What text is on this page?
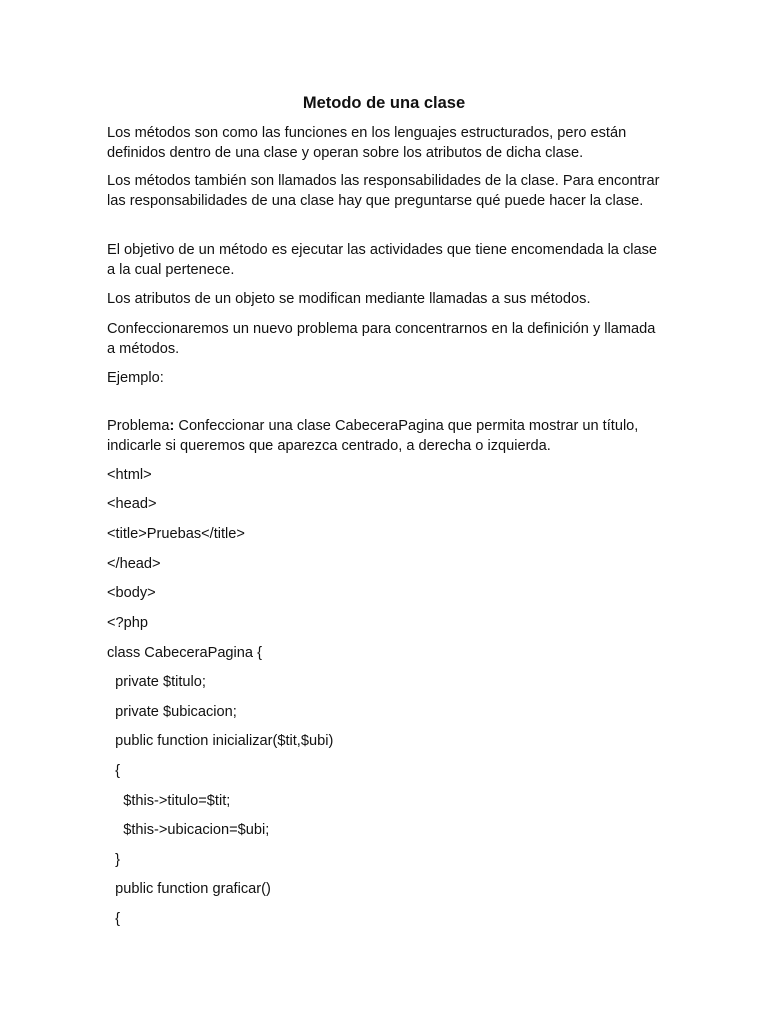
Metodo de una clase

Los métodos son como las funciones en los lenguajes estructurados, pero están definidos dentro de una clase y operan sobre los atributos de dicha clase.

Los métodos también son llamados las responsabilidades de la clase. Para encontrar las responsabilidades de una clase hay que preguntarse qué puede hacer la clase.

El objetivo de un método es ejecutar las actividades que tiene encomendada la clase a la cual pertenece.

Los atributos de un objeto se modifican mediante llamadas a sus métodos.

Confeccionaremos un nuevo problema para concentrarnos en la definición y llamada a métodos.

Ejemplo:

Problema: Confeccionar una clase CabeceraPagina que permita mostrar un título, indicarle si queremos que aparezca centrado, a derecha o izquierda.

<html>
<head>
<title>Pruebas</title>
</head>
<body>
<?php
class CabeceraPagina {
private $titulo;
private $ubicacion;
public function inicializar($tit,$ubi)
{
$this->titulo=$tit;
$this->ubicacion=$ubi;
}
public function graficar()
{
